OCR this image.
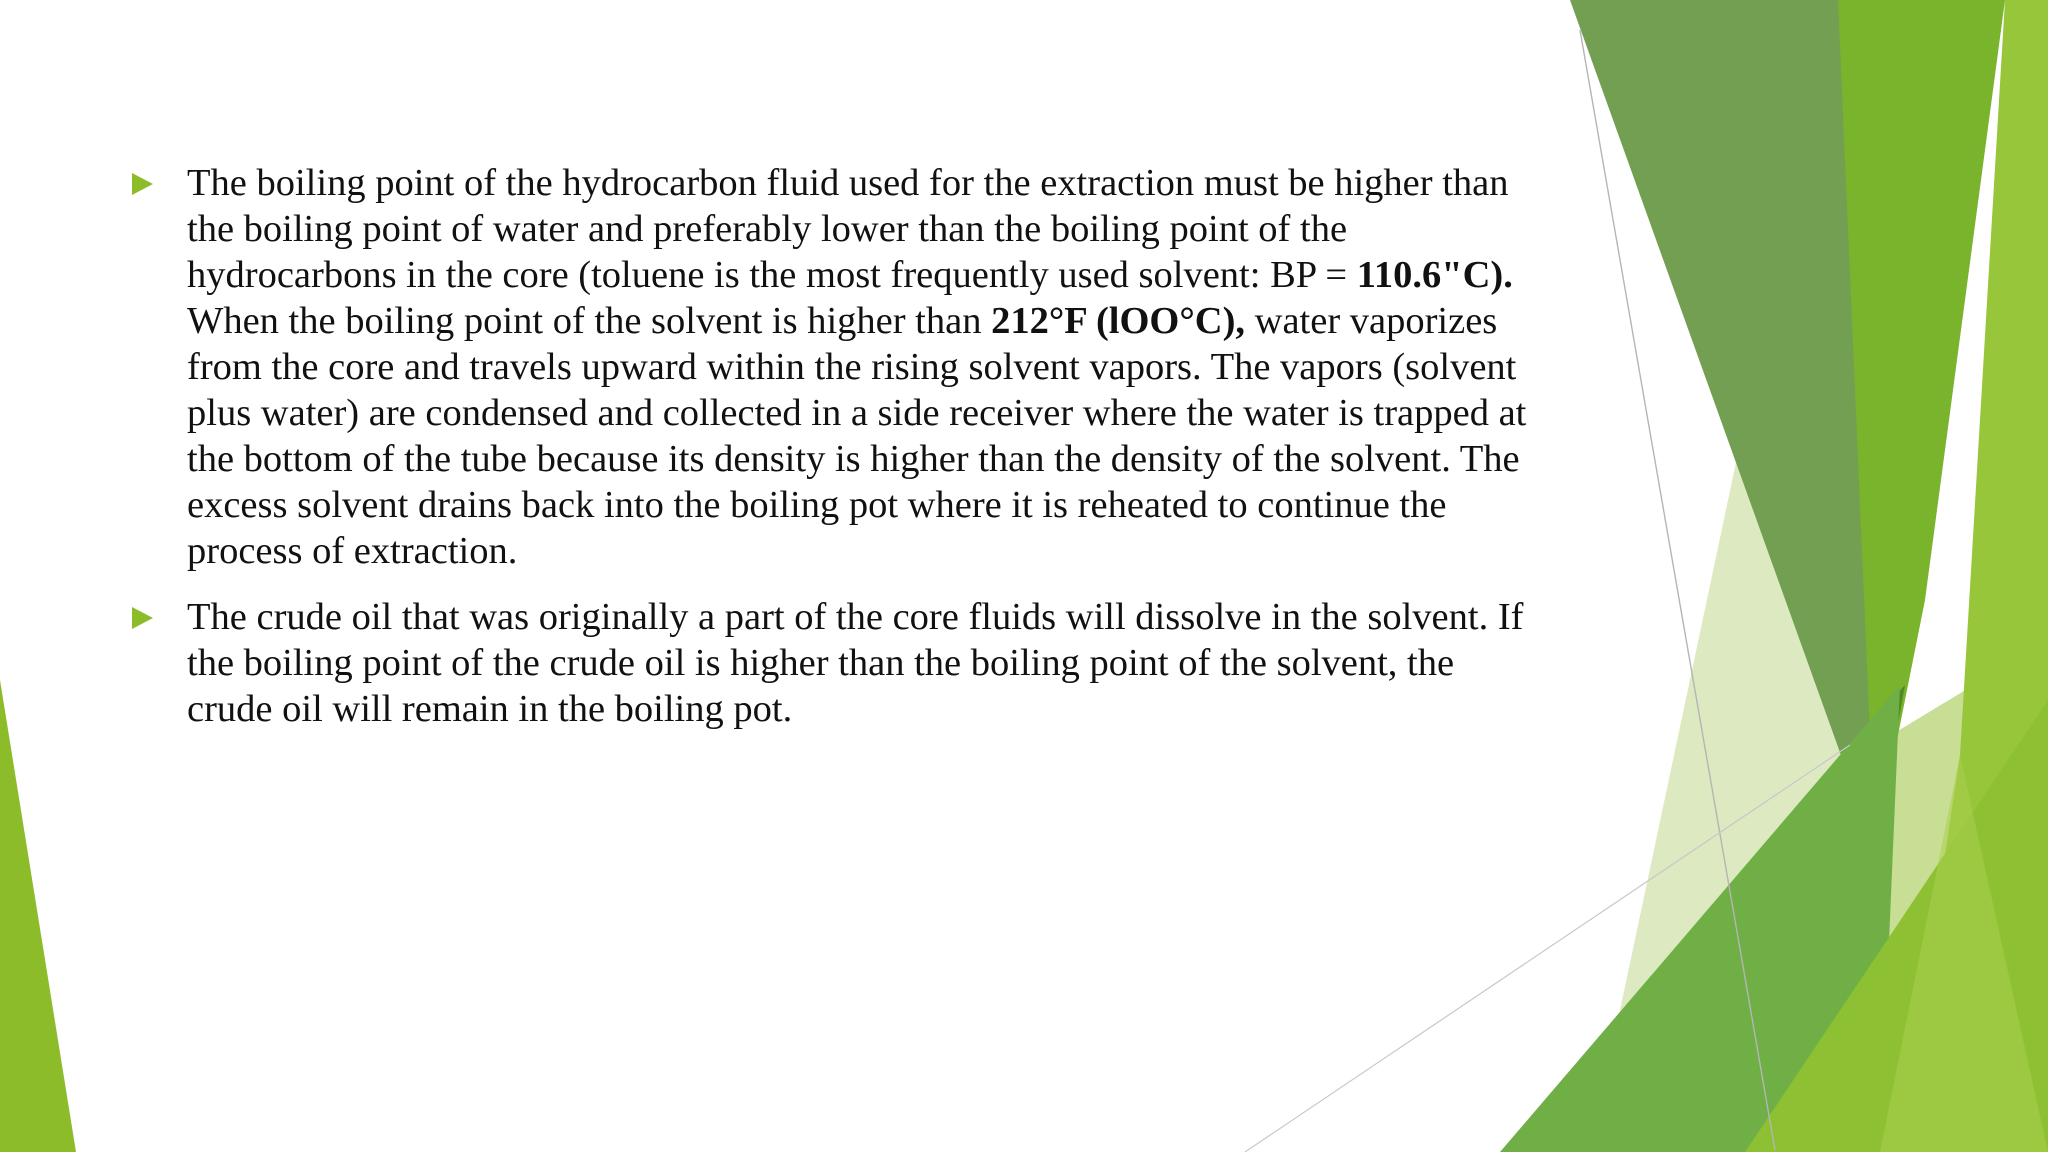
The boiling point of the hydrocarbon fluid used for the extraction must be higher than the boiling point of water and preferably lower than the boiling point of the hydrocarbons in the core (toluene is the most frequently used solvent: BP = 110.6"C). When the boiling point of the solvent is higher than 212°F (lOO°C), water vaporizes from the core and travels upward within the rising solvent vapors. The vapors (solvent plus water) are condensed and collected in a side receiver where the water is trapped at the bottom of the tube because its density is higher than the density of the solvent. The excess solvent drains back into the boiling pot where it is reheated to continue the process of extraction.
The crude oil that was originally a part of the core fluids will dissolve in the solvent. If the boiling point of the crude oil is higher than the boiling point of the solvent, the crude oil will remain in the boiling pot.
